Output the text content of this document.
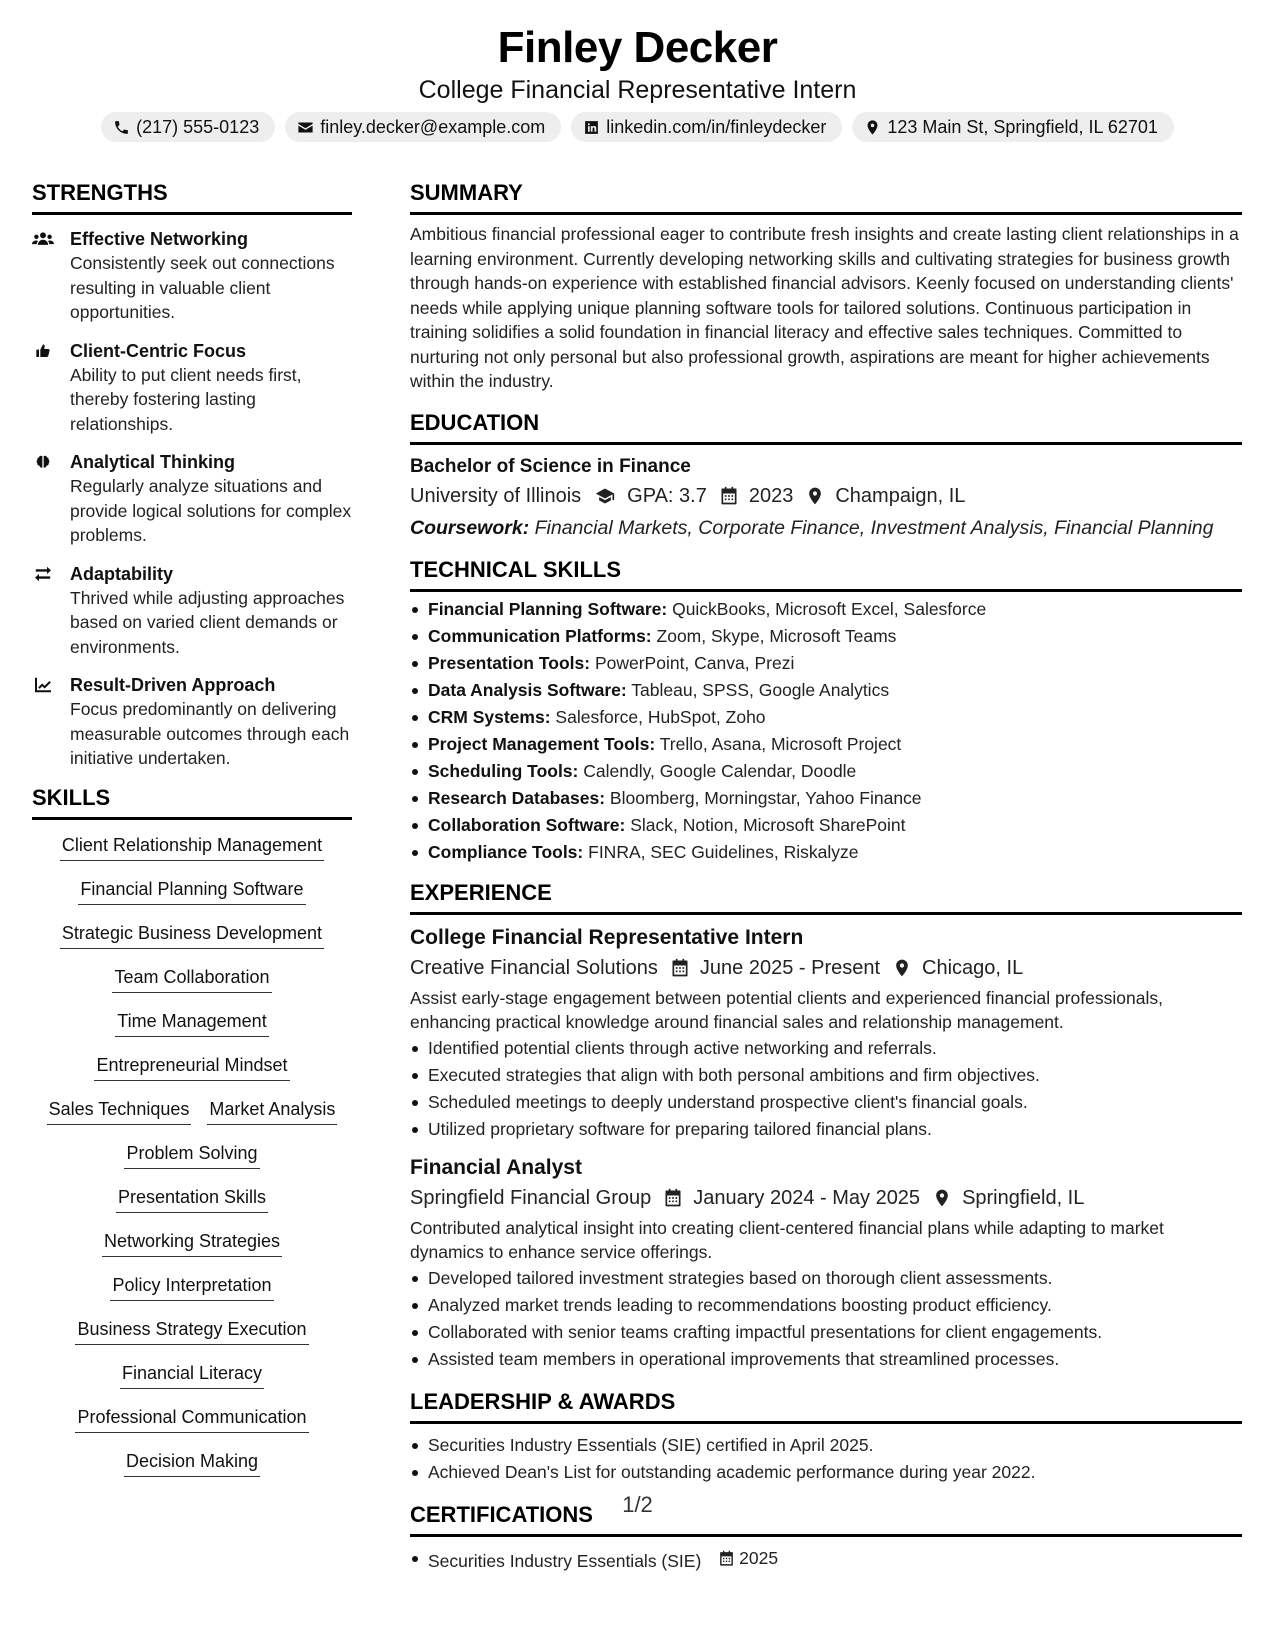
Finley Decker
College Financial Representative Intern
(217) 555-0123	finley.decker@example.com	linkedin.com/in/finleydecker	123 Main St, Springfield, IL 62701
STRENGTHS
Effective Networking
Consistently seek out connections resulting in valuable client opportunities.
Client-Centric Focus
Ability to put client needs first, thereby fostering lasting relationships.
Analytical Thinking
Regularly analyze situations and provide logical solutions for complex problems.
Adaptability
Thrived while adjusting approaches based on varied client demands or environments.
Result-Driven Approach
Focus predominantly on delivering measurable outcomes through each initiative undertaken.
SKILLS
Client Relationship Management
Financial Planning Software
Strategic Business Development
Team Collaboration
Time Management
Entrepreneurial Mindset
Sales Techniques Market Analysis
Problem Solving
Presentation Skills
Networking Strategies
Policy Interpretation
Business Strategy Execution
Financial Literacy
Professional Communication
Decision Making
SUMMARY
Ambitious financial professional eager to contribute fresh insights and create lasting client relationships in a learning environment. Currently developing networking skills and cultivating strategies for business growth through hands-on experience with established financial advisors. Keenly focused on understanding clients' needs while applying unique planning software tools for tailored solutions. Continuous participation in training solidifies a solid foundation in financial literacy and effective sales techniques. Committed to nurturing not only personal but also professional growth, aspirations are meant for higher achievements within the industry.
EDUCATION
Bachelor of Science in Finance
University of Illinois GPA: 3.7 2023 Champaign, IL
Coursework: Financial Markets, Corporate Finance, Investment Analysis, Financial Planning
TECHNICAL SKILLS
Financial Planning Software: QuickBooks, Microsoft Excel, Salesforce
Communication Platforms: Zoom, Skype, Microsoft Teams
Presentation Tools: PowerPoint, Canva, Prezi
Data Analysis Software: Tableau, SPSS, Google Analytics
CRM Systems: Salesforce, HubSpot, Zoho
Project Management Tools: Trello, Asana, Microsoft Project
Scheduling Tools: Calendly, Google Calendar, Doodle
Research Databases: Bloomberg, Morningstar, Yahoo Finance
Collaboration Software: Slack, Notion, Microsoft SharePoint
Compliance Tools: FINRA, SEC Guidelines, Riskalyze
EXPERIENCE
College Financial Representative Intern
Creative Financial Solutions June 2025 - Present Chicago, IL
Assist early-stage engagement between potential clients and experienced financial professionals, enhancing practical knowledge around financial sales and relationship management.
Identified potential clients through active networking and referrals.
Executed strategies that align with both personal ambitions and firm objectives.
Scheduled meetings to deeply understand prospective client's financial goals.
Utilized proprietary software for preparing tailored financial plans.
Financial Analyst
Springfield Financial Group January 2024 - May 2025 Springfield, IL
Contributed analytical insight into creating client-centered financial plans while adapting to market dynamics to enhance service offerings.
Developed tailored investment strategies based on thorough client assessments.
Analyzed market trends leading to recommendations boosting product efficiency.
Collaborated with senior teams crafting impactful presentations for client engagements.
Assisted team members in operational improvements that streamlined processes.
LEADERSHIP & AWARDS
Securities Industry Essentials (SIE) certified in April 2025.
Achieved Dean's List for outstanding academic performance during year 2022.
CERTIFICATIONS
Securities Industry Essentials (SIE) 2025
1/2
